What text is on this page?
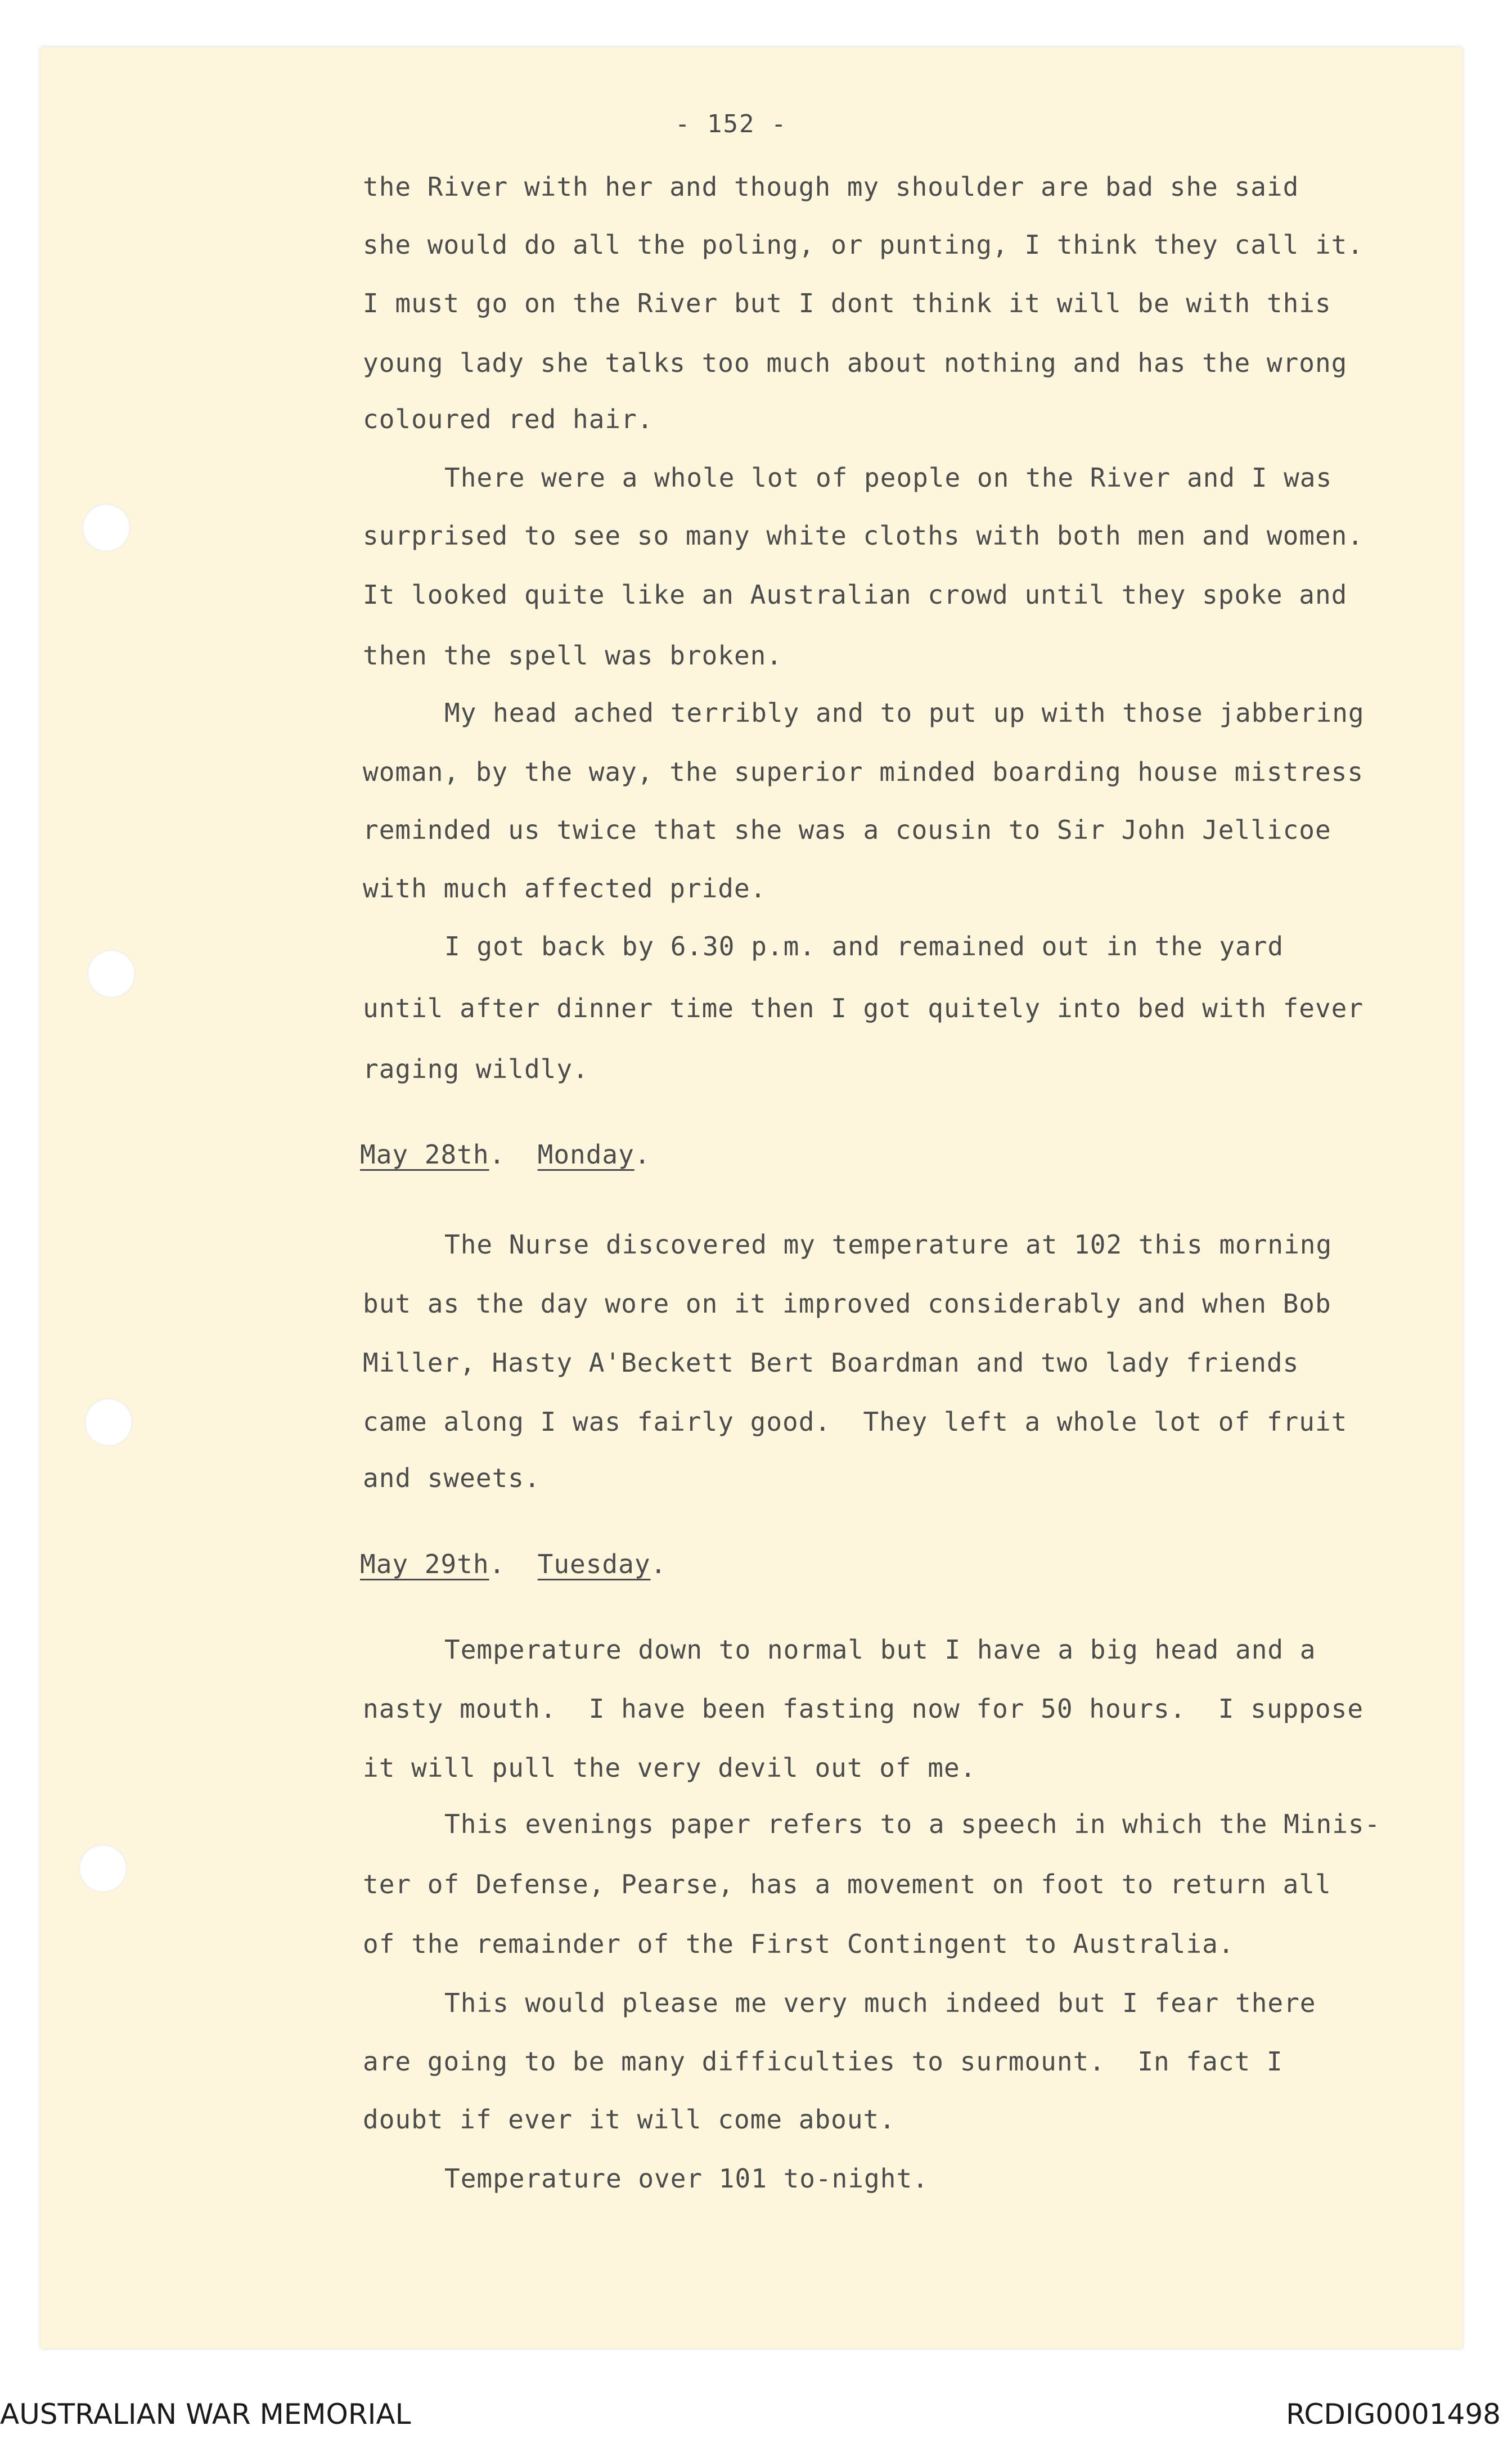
- 152 -
the River with her and though my shoulder are bad she said
she would do all the poling, or punting, I think they call it.
I must go on the River but I dont think it will be with this
young lady she talks too much about nothing and has the wrong
coloured red hair.
There were a whole lot of people on the River and I was
surprised to see so many white cloths with both men and women.
It looked quite like an Australian crowd until they spoke and
then the spell was broken.
My head ached terribly and to put up with those jabbering
woman, by the way, the superior minded boarding house mistress
reminded us twice that she was a cousin to Sir John Jellicoe
with much affected pride.
I got back by 6.30 p.m. and remained out in the yard
until after dinner time then I got quitely into bed with fever
raging wildly.
May 28th.  Monday.
The Nurse discovered my temperature at 102 this morning
but as the day wore on it improved considerably and when Bob
Miller, Hasty A'Beckett Bert Boardman and two lady friends
came along I was fairly good.  They left a whole lot of fruit
and sweets.
May 29th.  Tuesday.
Temperature down to normal but I have a big head and a
nasty mouth.  I have been fasting now for 50 hours.  I suppose
it will pull the very devil out of me.
This evenings paper refers to a speech in which the Minis-
ter of Defense, Pearse, has a movement on foot to return all
of the remainder of the First Contingent to Australia.
This would please me very much indeed but I fear there
are going to be many difficulties to surmount.  In fact I
doubt if ever it will come about.
Temperature over 101 to-night.
AUSTRALIAN WAR MEMORIAL	RCDIG0001498
